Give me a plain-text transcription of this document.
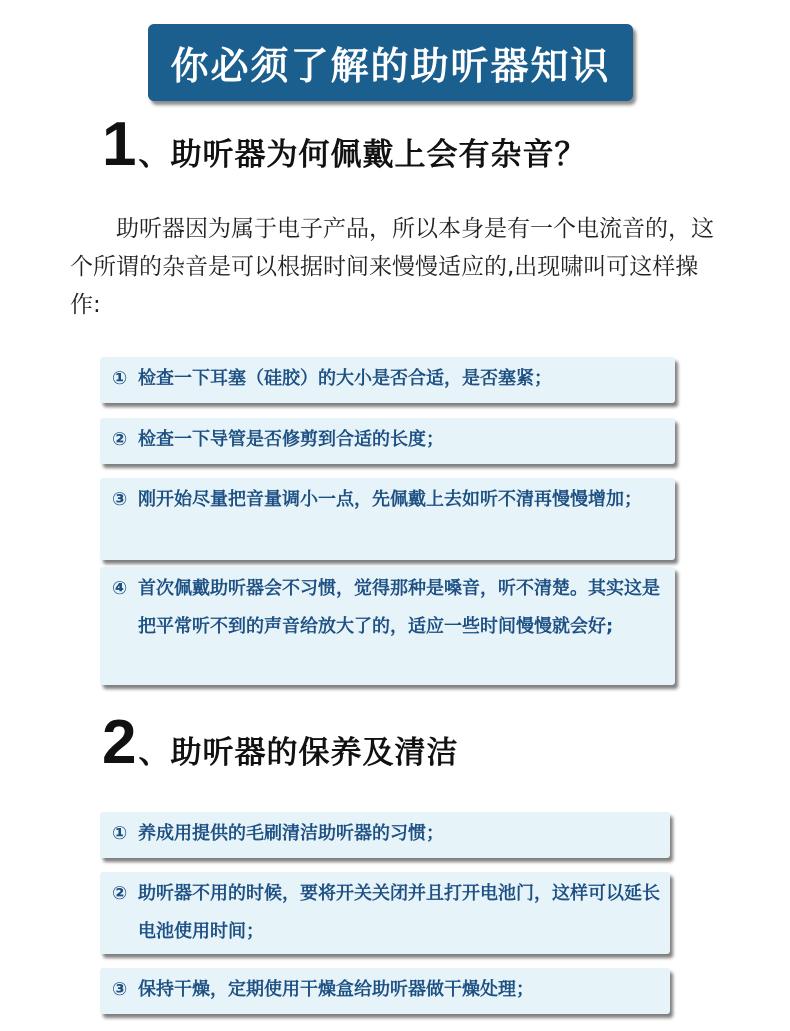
你必须了解的助听器知识
1 、助听器为何佩戴上会有杂音？
助听器因为属于电子产品，所以本身是有一个电流音的，这个所谓的杂音是可以根据时间来慢慢适应的,出现啸叫可这样操作:
① 检查一下耳塞（硅胶）的大小是否合适，是否塞紧；
② 检查一下导管是否修剪到合适的长度；
③ 刚开始尽量把音量调小一点，先佩戴上去如听不清再慢慢增加；
④ 首次佩戴助听器会不习惯，觉得那种是嗓音，听不清楚。其实这是把平常听不到的声音给放大了的，适应一些时间慢慢就会好;
2 、助听器的保养及清洁
① 养成用提供的毛刷清洁助听器的习惯；
② 助听器不用的时候，要将开关关闭并且打开电池门，这样可以延长电池使用时间；
③ 保持干燥，定期使用干燥盒给助听器做干燥处理；
